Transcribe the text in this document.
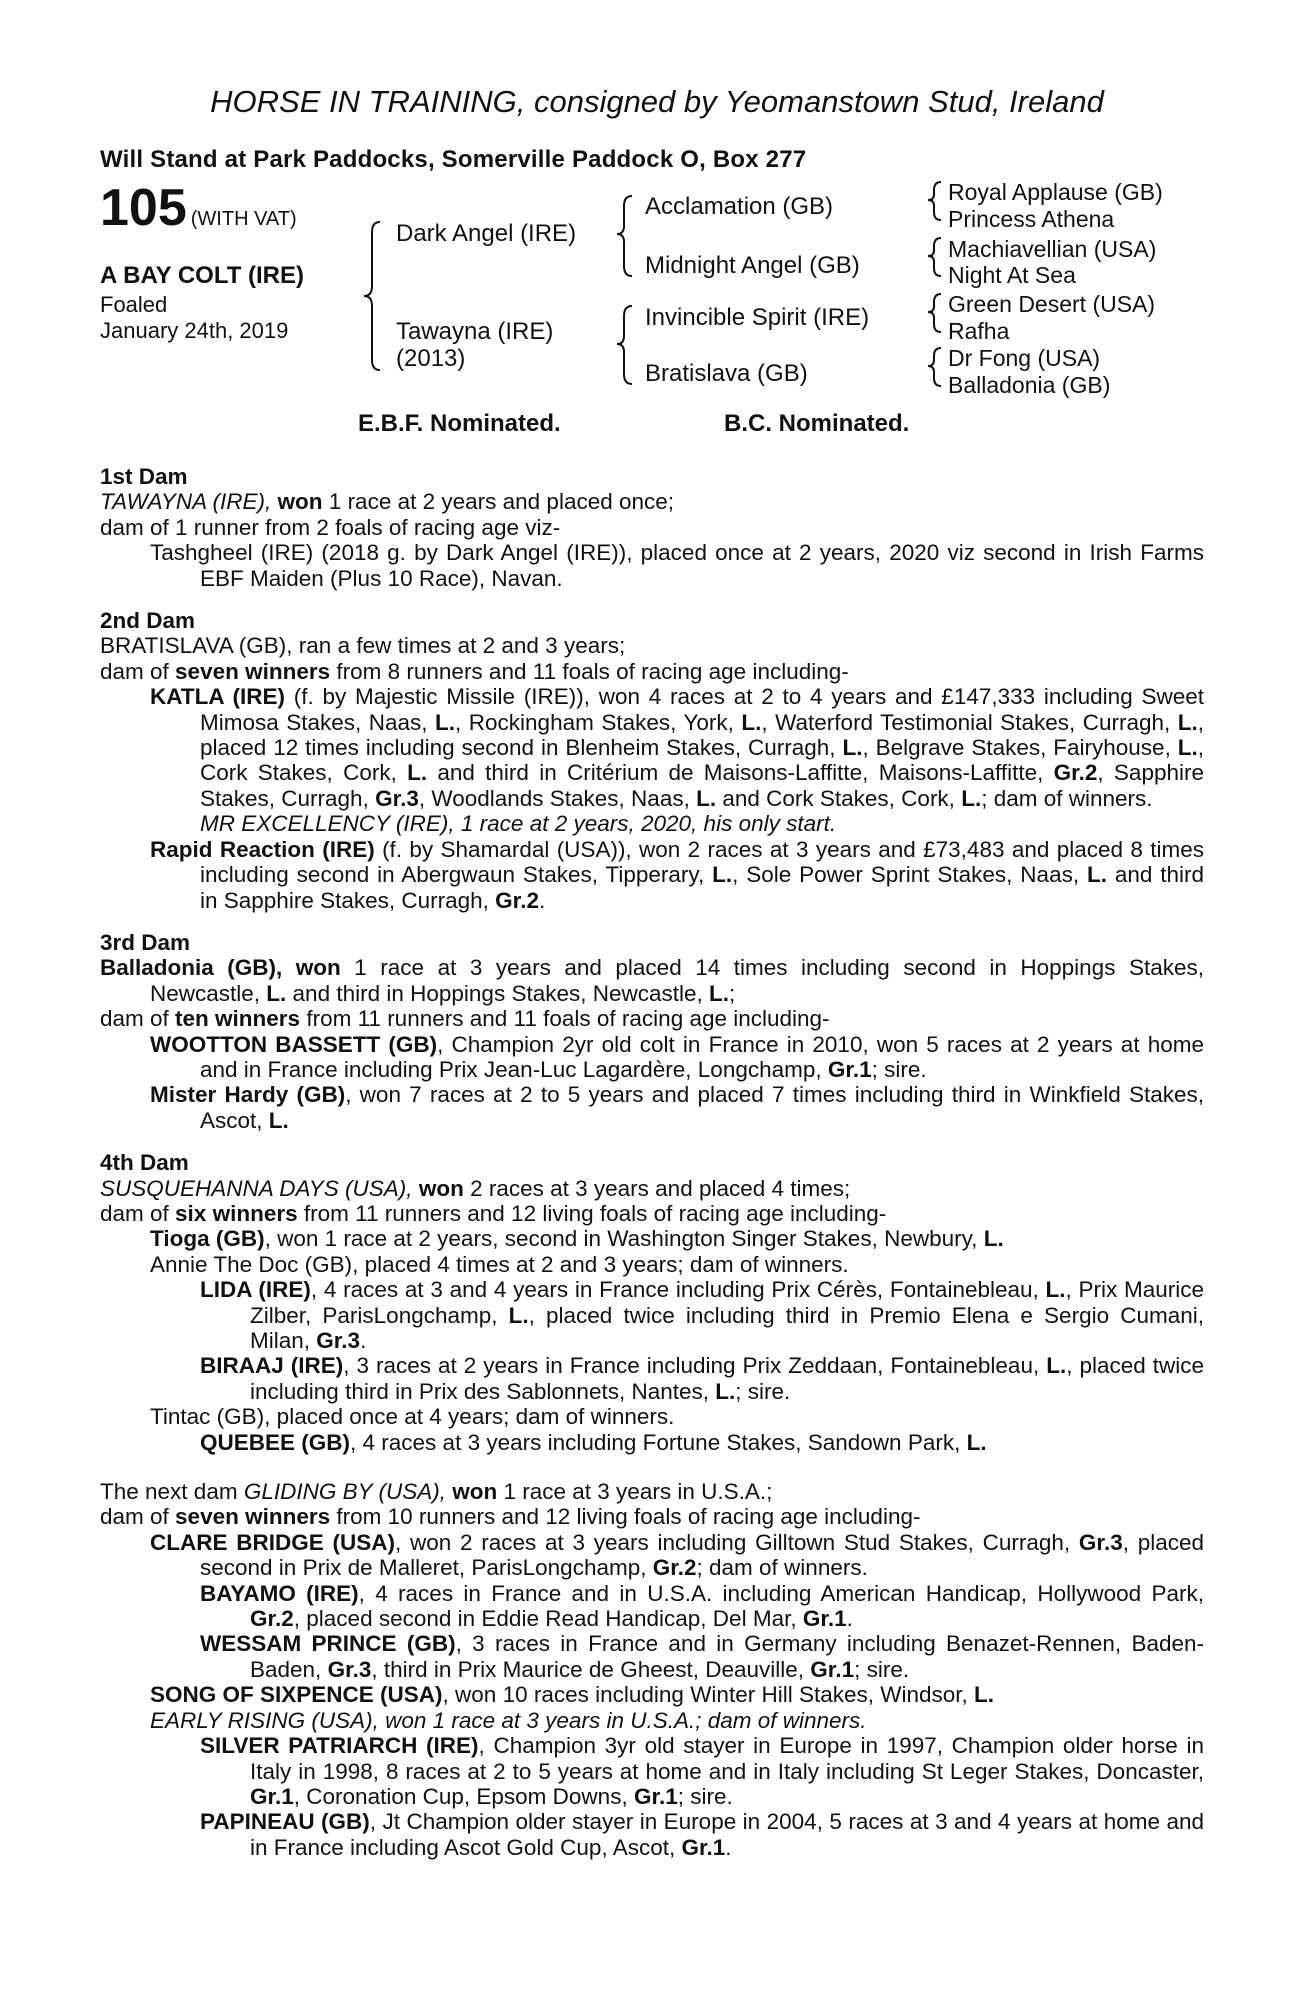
HORSE IN TRAINING, consigned by Yeomanstown Stud, Ireland
Will Stand at Park Paddocks, Somerville Paddock O, Box 277
105 (WITH VAT)
A BAY COLT (IRE)
Foaled
January 24th, 2019
Dark Angel (IRE)
Tawayna (IRE)
(2013)
Acclamation (GB)
Midnight Angel (GB)
Invincible Spirit (IRE)
Bratislava (GB)
Royal Applause (GB)
Princess Athena
Machiavellian (USA)
Night At Sea
Green Desert (USA)
Rafha
Dr Fong (USA)
Balladonia (GB)
E.B.F. Nominated.	B.C. Nominated.

1st Dam

TAWAYNA (IRE), won 1 race at 2 years and placed once;

dam of 1 runner from 2 foals of racing age viz-

Tashgheel (IRE) (2018 g. by Dark Angel (IRE)), placed once at 2 years, 2020 viz second in Irish Farms EBF Maiden (Plus 10 Race), Navan.

2nd Dam

BRATISLAVA (GB), ran a few times at 2 and 3 years;

dam of seven winners from 8 runners and 11 foals of racing age including-

KATLA (IRE) (f. by Majestic Missile (IRE)), won 4 races at 2 to 4 years and £147,333 including Sweet Mimosa Stakes, Naas, L., Rockingham Stakes, York, L., Waterford Testimonial Stakes, Curragh, L., placed 12 times including second in Blenheim Stakes, Curragh, L., Belgrave Stakes, Fairyhouse, L., Cork Stakes, Cork, L. and third in Critérium de Maisons-Laffitte, Maisons-Laffitte, Gr.2, Sapphire Stakes, Curragh, Gr.3, Woodlands Stakes, Naas, L. and Cork Stakes, Cork, L.; dam of winners.

MR EXCELLENCY (IRE), 1 race at 2 years, 2020, his only start.

Rapid Reaction (IRE) (f. by Shamardal (USA)), won 2 races at 3 years and £73,483 and placed 8 times including second in Abergwaun Stakes, Tipperary, L., Sole Power Sprint Stakes, Naas, L. and third in Sapphire Stakes, Curragh, Gr.2.

3rd Dam

Balladonia (GB), won 1 race at 3 years and placed 14 times including second in Hoppings Stakes, Newcastle, L. and third in Hoppings Stakes, Newcastle, L.;

dam of ten winners from 11 runners and 11 foals of racing age including-

WOOTTON BASSETT (GB), Champion 2yr old colt in France in 2010, won 5 races at 2 years at home and in France including Prix Jean-Luc Lagardère, Longchamp, Gr.1; sire.

Mister Hardy (GB), won 7 races at 2 to 5 years and placed 7 times including third in Winkfield Stakes, Ascot, L.

4th Dam

SUSQUEHANNA DAYS (USA), won 2 races at 3 years and placed 4 times;

dam of six winners from 11 runners and 12 living foals of racing age including-

Tioga (GB), won 1 race at 2 years, second in Washington Singer Stakes, Newbury, L.

Annie The Doc (GB), placed 4 times at 2 and 3 years; dam of winners.

LIDA (IRE), 4 races at 3 and 4 years in France including Prix Cérès, Fontainebleau, L., Prix Maurice Zilber, ParisLongchamp, L., placed twice including third in Premio Elena e Sergio Cumani, Milan, Gr.3.

BIRAAJ (IRE), 3 races at 2 years in France including Prix Zeddaan, Fontainebleau, L., placed twice including third in Prix des Sablonnets, Nantes, L.; sire.

Tintac (GB), placed once at 4 years; dam of winners.

QUEBEE (GB), 4 races at 3 years including Fortune Stakes, Sandown Park, L.

The next dam GLIDING BY (USA), won 1 race at 3 years in U.S.A.;

dam of seven winners from 10 runners and 12 living foals of racing age including-

CLARE BRIDGE (USA), won 2 races at 3 years including Gilltown Stud Stakes, Curragh, Gr.3, placed second in Prix de Malleret, ParisLongchamp, Gr.2; dam of winners.

BAYAMO (IRE), 4 races in France and in U.S.A. including American Handicap, Hollywood Park, Gr.2, placed second in Eddie Read Handicap, Del Mar, Gr.1.

WESSAM PRINCE (GB), 3 races in France and in Germany including Benazet-Rennen, Baden-Baden, Gr.3, third in Prix Maurice de Gheest, Deauville, Gr.1; sire.

SONG OF SIXPENCE (USA), won 10 races including Winter Hill Stakes, Windsor, L.

EARLY RISING (USA), won 1 race at 3 years in U.S.A.; dam of winners.

SILVER PATRIARCH (IRE), Champion 3yr old stayer in Europe in 1997, Champion older horse in Italy in 1998, 8 races at 2 to 5 years at home and in Italy including St Leger Stakes, Doncaster, Gr.1, Coronation Cup, Epsom Downs, Gr.1; sire.

PAPINEAU (GB), Jt Champion older stayer in Europe in 2004, 5 races at 3 and 4 years at home and in France including Ascot Gold Cup, Ascot, Gr.1.
